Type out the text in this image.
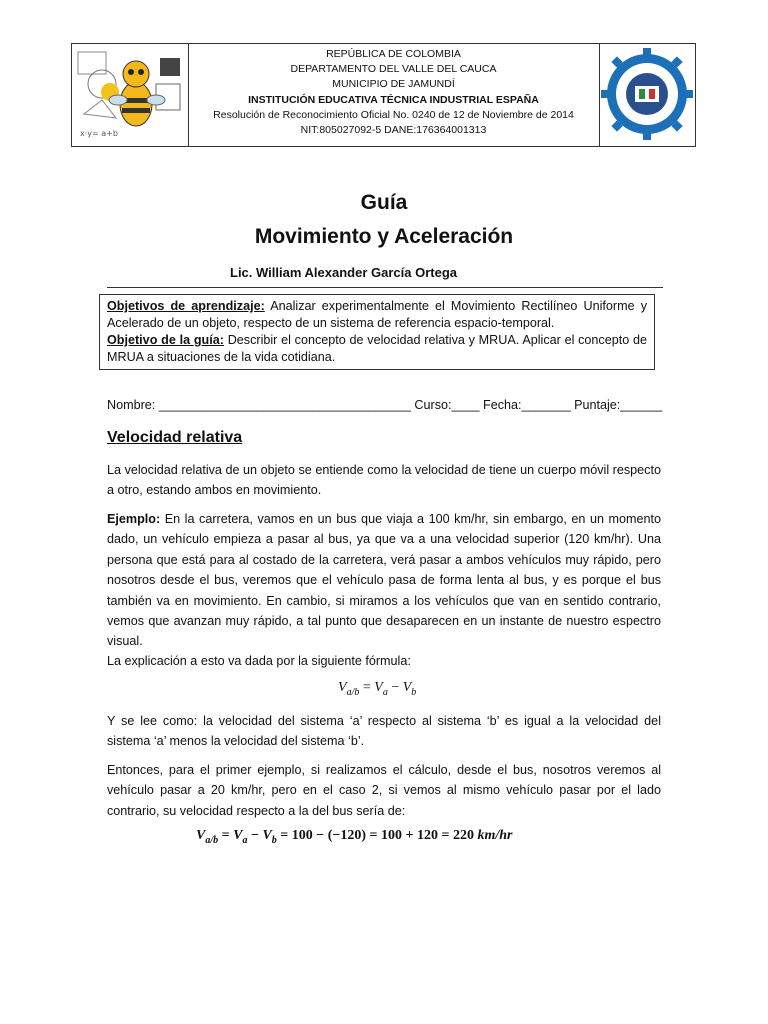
x·y= a+b
REPÚBLICA DE COLOMBIA
DEPARTAMENTO DEL VALLE DEL CAUCA
MUNICIPIO DE JAMUNDÍ
INSTITUCIÓN EDUCATIVA TÉCNICA INDUSTRIAL ESPAÑA
Resolución de Reconocimiento Oficial No. 0240 de 12 de Noviembre de 2014
NIT:805027092-5 DANE:176364001313
Guía
Movimiento y Aceleración
Lic. William Alexander García Ortega
Objetivos de aprendizaje: Analizar experimentalmente el Movimiento Rectilíneo Uniforme y Acelerado de un objeto, respecto de un sistema de referencia espacio-temporal.
Objetivo de la guía: Describir el concepto de velocidad relativa y MRUA. Aplicar el concepto de MRUA a situaciones de la vida cotidiana.
Nombre: ____________________________________ Curso:____ Fecha:_______ Puntaje:______
Velocidad relativa
La velocidad relativa de un objeto se entiende como la velocidad de tiene un cuerpo móvil respecto a otro, estando ambos en movimiento.
Ejemplo: En la carretera, vamos en un bus que viaja a 100 km/hr, sin embargo, en un momento dado, un vehículo empieza a pasar al bus, ya que va a una velocidad superior (120 km/hr). Una persona que está para al costado de la carretera, verá pasar a ambos vehículos muy rápido, pero nosotros desde el bus, veremos que el vehículo pasa de forma lenta al bus, y es porque el bus también va en movimiento. En cambio, si miramos a los vehículos que van en sentido contrario, vemos que avanzan muy rápido, a tal punto que desaparecen en un instante de nuestro espectro visual.
La explicación a esto va dada por la siguiente fórmula:
$V_{a/b} = V_a - V_b$
Y se lee como: la velocidad del sistema ‘a’ respecto al sistema ‘b’ es igual a la velocidad del sistema ‘a’ menos la velocidad del sistema ‘b’.
Entonces, para el primer ejemplo, si realizamos el cálculo, desde el bus, nosotros veremos al vehículo pasar a 20 km/hr, pero en el caso 2, si vemos al mismo vehículo pasar por el lado contrario, su velocidad respecto a la del bus sería de:
$V_{a/b} = V_a - V_b = 100 - (-120) = 100 + 120 = 220$ km/hr
